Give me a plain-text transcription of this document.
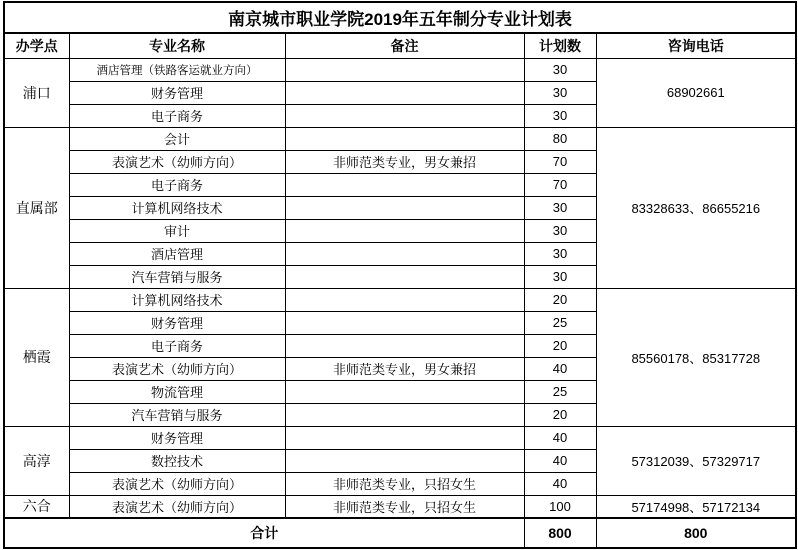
南京城市职业学院2019年五年制分专业计划表				
办学点	专业名称	备注	计划数	咨询电话
浦口	酒店管理（铁路客运就业方向）		30	68902661
	财务管理		30	
	电子商务		30	
直属部	会计		80	83328633、86655216
	表演艺术（幼师方向）	非师范类专业，男女兼招	70	
	电子商务		70	
	计算机网络技术		30	
	审计		30	
	酒店管理		30	
	汽车营销与服务		30	
栖霞	计算机网络技术		20	85560178、85317728
	财务管理		25	
	电子商务		20	
	表演艺术（幼师方向）	非师范类专业，男女兼招	40	
	物流管理		25	
	汽车营销与服务		20	
高淳	财务管理		40	57312039、57329717
	数控技术		40	
	表演艺术（幼师方向）	非师范类专业，只招女生	40	
六合	表演艺术（幼师方向）	非师范类专业，只招女生	100	57174998、57172134
合计			800	800
